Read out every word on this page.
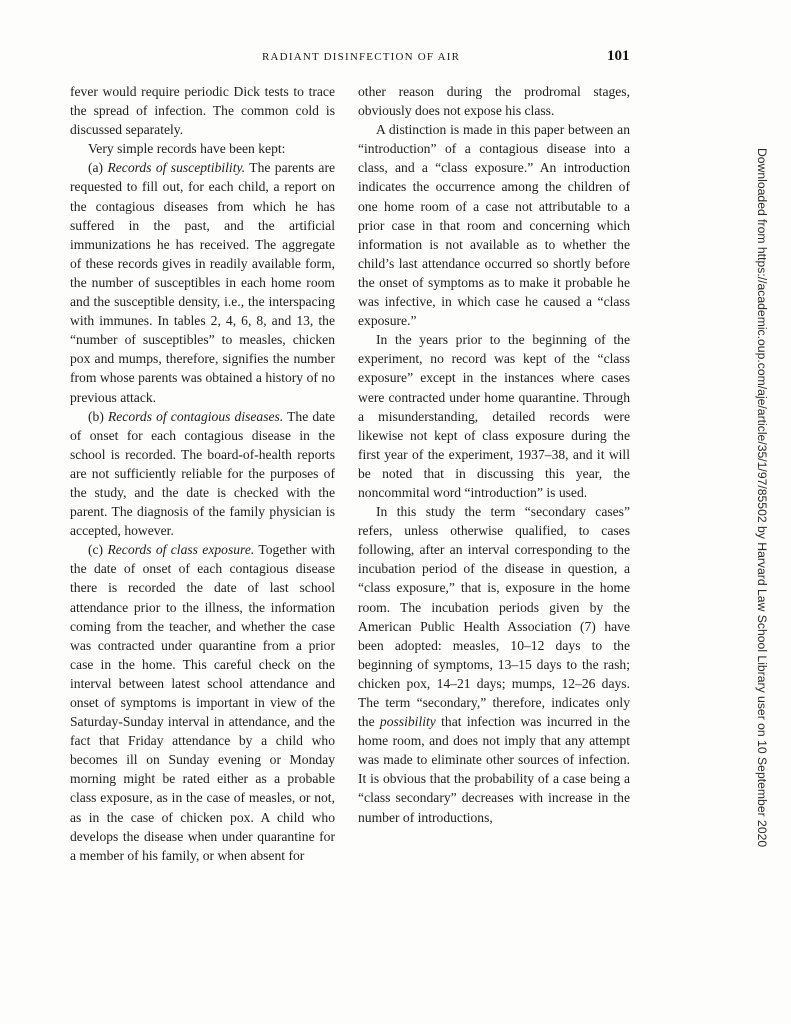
RADIANT DISINFECTION OF AIR	101

fever would require periodic Dick tests to trace the spread of infection. The common cold is discussed separately.

Very simple records have been kept:

(a) Records of susceptibility. The parents are requested to fill out, for each child, a report on the contagious diseases from which he has suffered in the past, and the artificial immunizations he has received. The aggregate of these records gives in readily available form, the number of susceptibles in each home room and the susceptible density, i.e., the interspacing with immunes. In tables 2, 4, 6, 8, and 13, the “number of susceptibles” to measles, chicken pox and mumps, therefore, signifies the number from whose parents was obtained a history of no previous attack.

(b) Records of contagious diseases. The date of onset for each contagious disease in the school is recorded. The board-of-health reports are not sufficiently reliable for the purposes of the study, and the date is checked with the parent. The diagnosis of the family physician is accepted, however.

(c) Records of class exposure. Together with the date of onset of each contagious disease there is recorded the date of last school attendance prior to the illness, the information coming from the teacher, and whether the case was contracted under quarantine from a prior case in the home. This careful check on the interval between latest school attendance and onset of symptoms is important in view of the Saturday-Sunday interval in attendance, and the fact that Friday attendance by a child who becomes ill on Sunday evening or Monday morning might be rated either as a probable class exposure, as in the case of measles, or not, as in the case of chicken pox. A child who develops the disease when under quarantine for a member of his family, or when absent for

other reason during the prodromal stages, obviously does not expose his class.

A distinction is made in this paper between an “introduction” of a contagious disease into a class, and a “class exposure.” An introduction indicates the occurrence among the children of one home room of a case not attributable to a prior case in that room and concerning which information is not available as to whether the child’s last attendance occurred so shortly before the onset of symptoms as to make it probable he was infective, in which case he caused a “class exposure.”

In the years prior to the beginning of the experiment, no record was kept of the “class exposure” except in the instances where cases were contracted under home quarantine. Through a misunderstanding, detailed records were likewise not kept of class exposure during the first year of the experiment, 1937–38, and it will be noted that in discussing this year, the noncommital word “introduction” is used.

In this study the term “secondary cases” refers, unless otherwise qualified, to cases following, after an interval corresponding to the incubation period of the disease in question, a “class exposure,” that is, exposure in the home room. The incubation periods given by the American Public Health Association (7) have been adopted: measles, 10–12 days to the beginning of symptoms, 13–15 days to the rash; chicken pox, 14–21 days; mumps, 12–26 days. The term “secondary,” therefore, indicates only the possibility that infection was incurred in the home room, and does not imply that any attempt was made to eliminate other sources of infection. It is obvious that the probability of a case being a “class secondary” decreases with increase in the number of introductions,	Downloaded from https://academic.oup.com/aje/article/35/1/97/85502 by Harvard Law School Library user on 10 September 2020
